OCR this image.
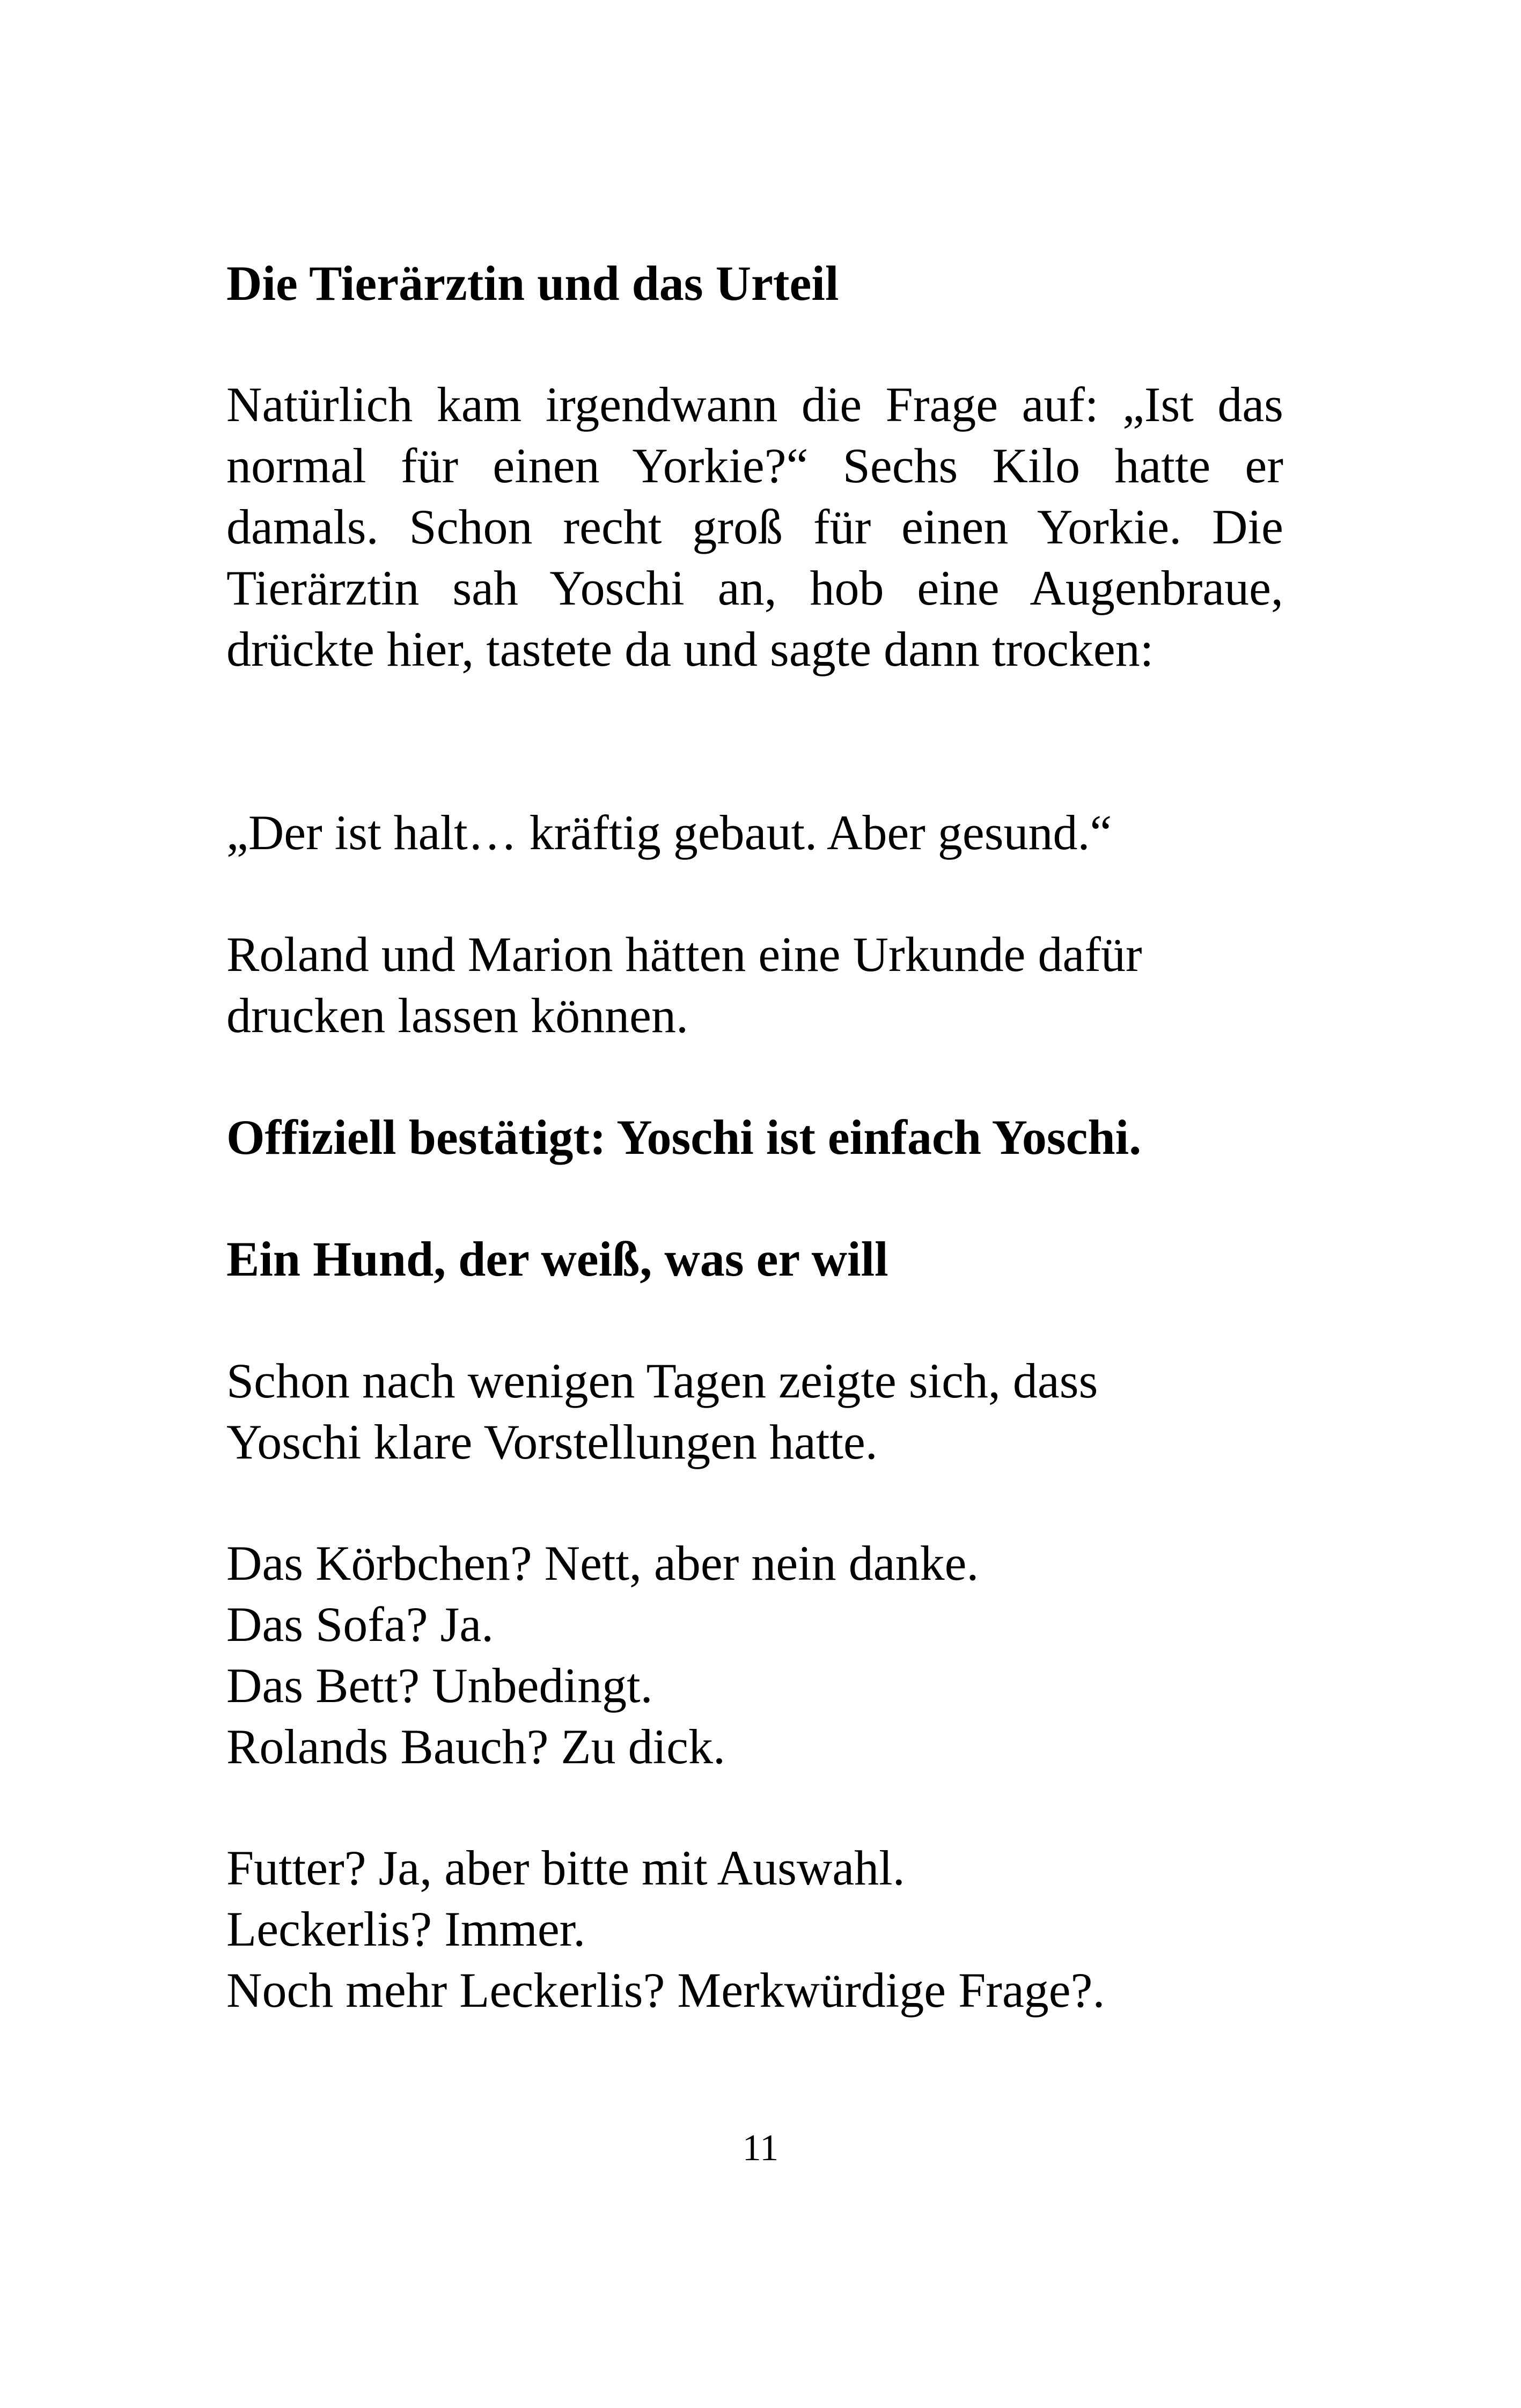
Die Tierärztin und das Urteil

Natürlich kam irgendwann die Frage auf: „Ist das normal für einen Yorkie?“ Sechs Kilo hatte er damals. Schon recht groß für einen Yorkie. Die Tierärztin sah Yoschi an, hob eine Augenbraue, drückte hier, tastete da und sagte dann trocken:

„Der ist halt… kräftig gebaut. Aber gesund.“

Roland und Marion hätten eine Urkunde dafür drucken lassen können.

Offiziell bestätigt: Yoschi ist einfach Yoschi.

Ein Hund, der weiß, was er will

Schon nach wenigen Tagen zeigte sich, dass Yoschi klare Vorstellungen hatte.

Das Körbchen? Nett, aber nein danke.
Das Sofa? Ja.
Das Bett? Unbedingt.
Rolands Bauch? Zu dick.
Futter? Ja, aber bitte mit Auswahl.
Leckerlis? Immer.
Noch mehr Leckerlis? Merkwürdige Frage?.
11
